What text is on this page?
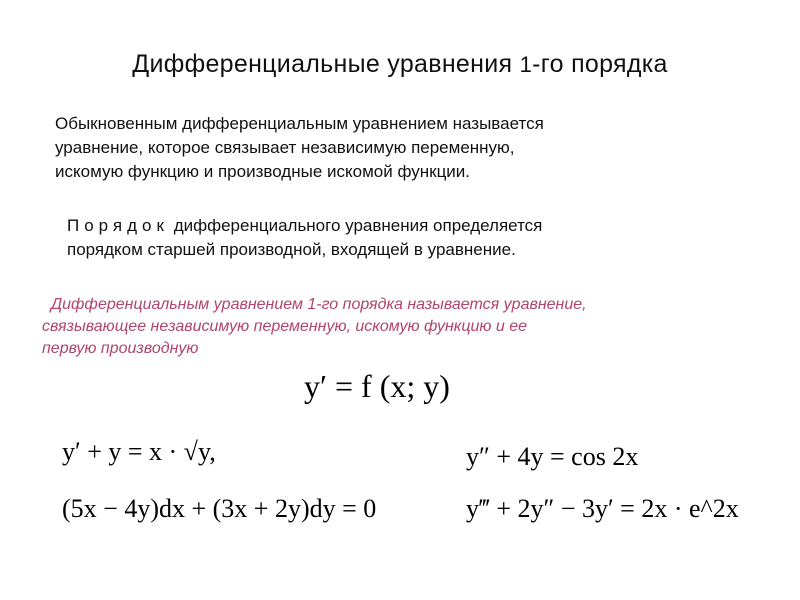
Дифференциальные уравнения 1-го порядка
Обыкновенным дифференциальным уравнением называется
уравнение, которое связывает независимую переменную,
искомую функцию и производные искомой функции.
Порядок дифференциального уравнения определяется
порядком старшей производной, входящей в уравнение.
Дифференциальным уравнением 1-го порядка называется уравнение,
связывающее независимую переменную, искомую функцию и ее
первую производную
y′ = f (x; y)
y′ + y = x · √y,
(5x − 4y)dx + (3x + 2y)dy = 0
y″ + 4y = cos 2x
y‴ + 2y″ − 3y′ = 2x · e^2x
